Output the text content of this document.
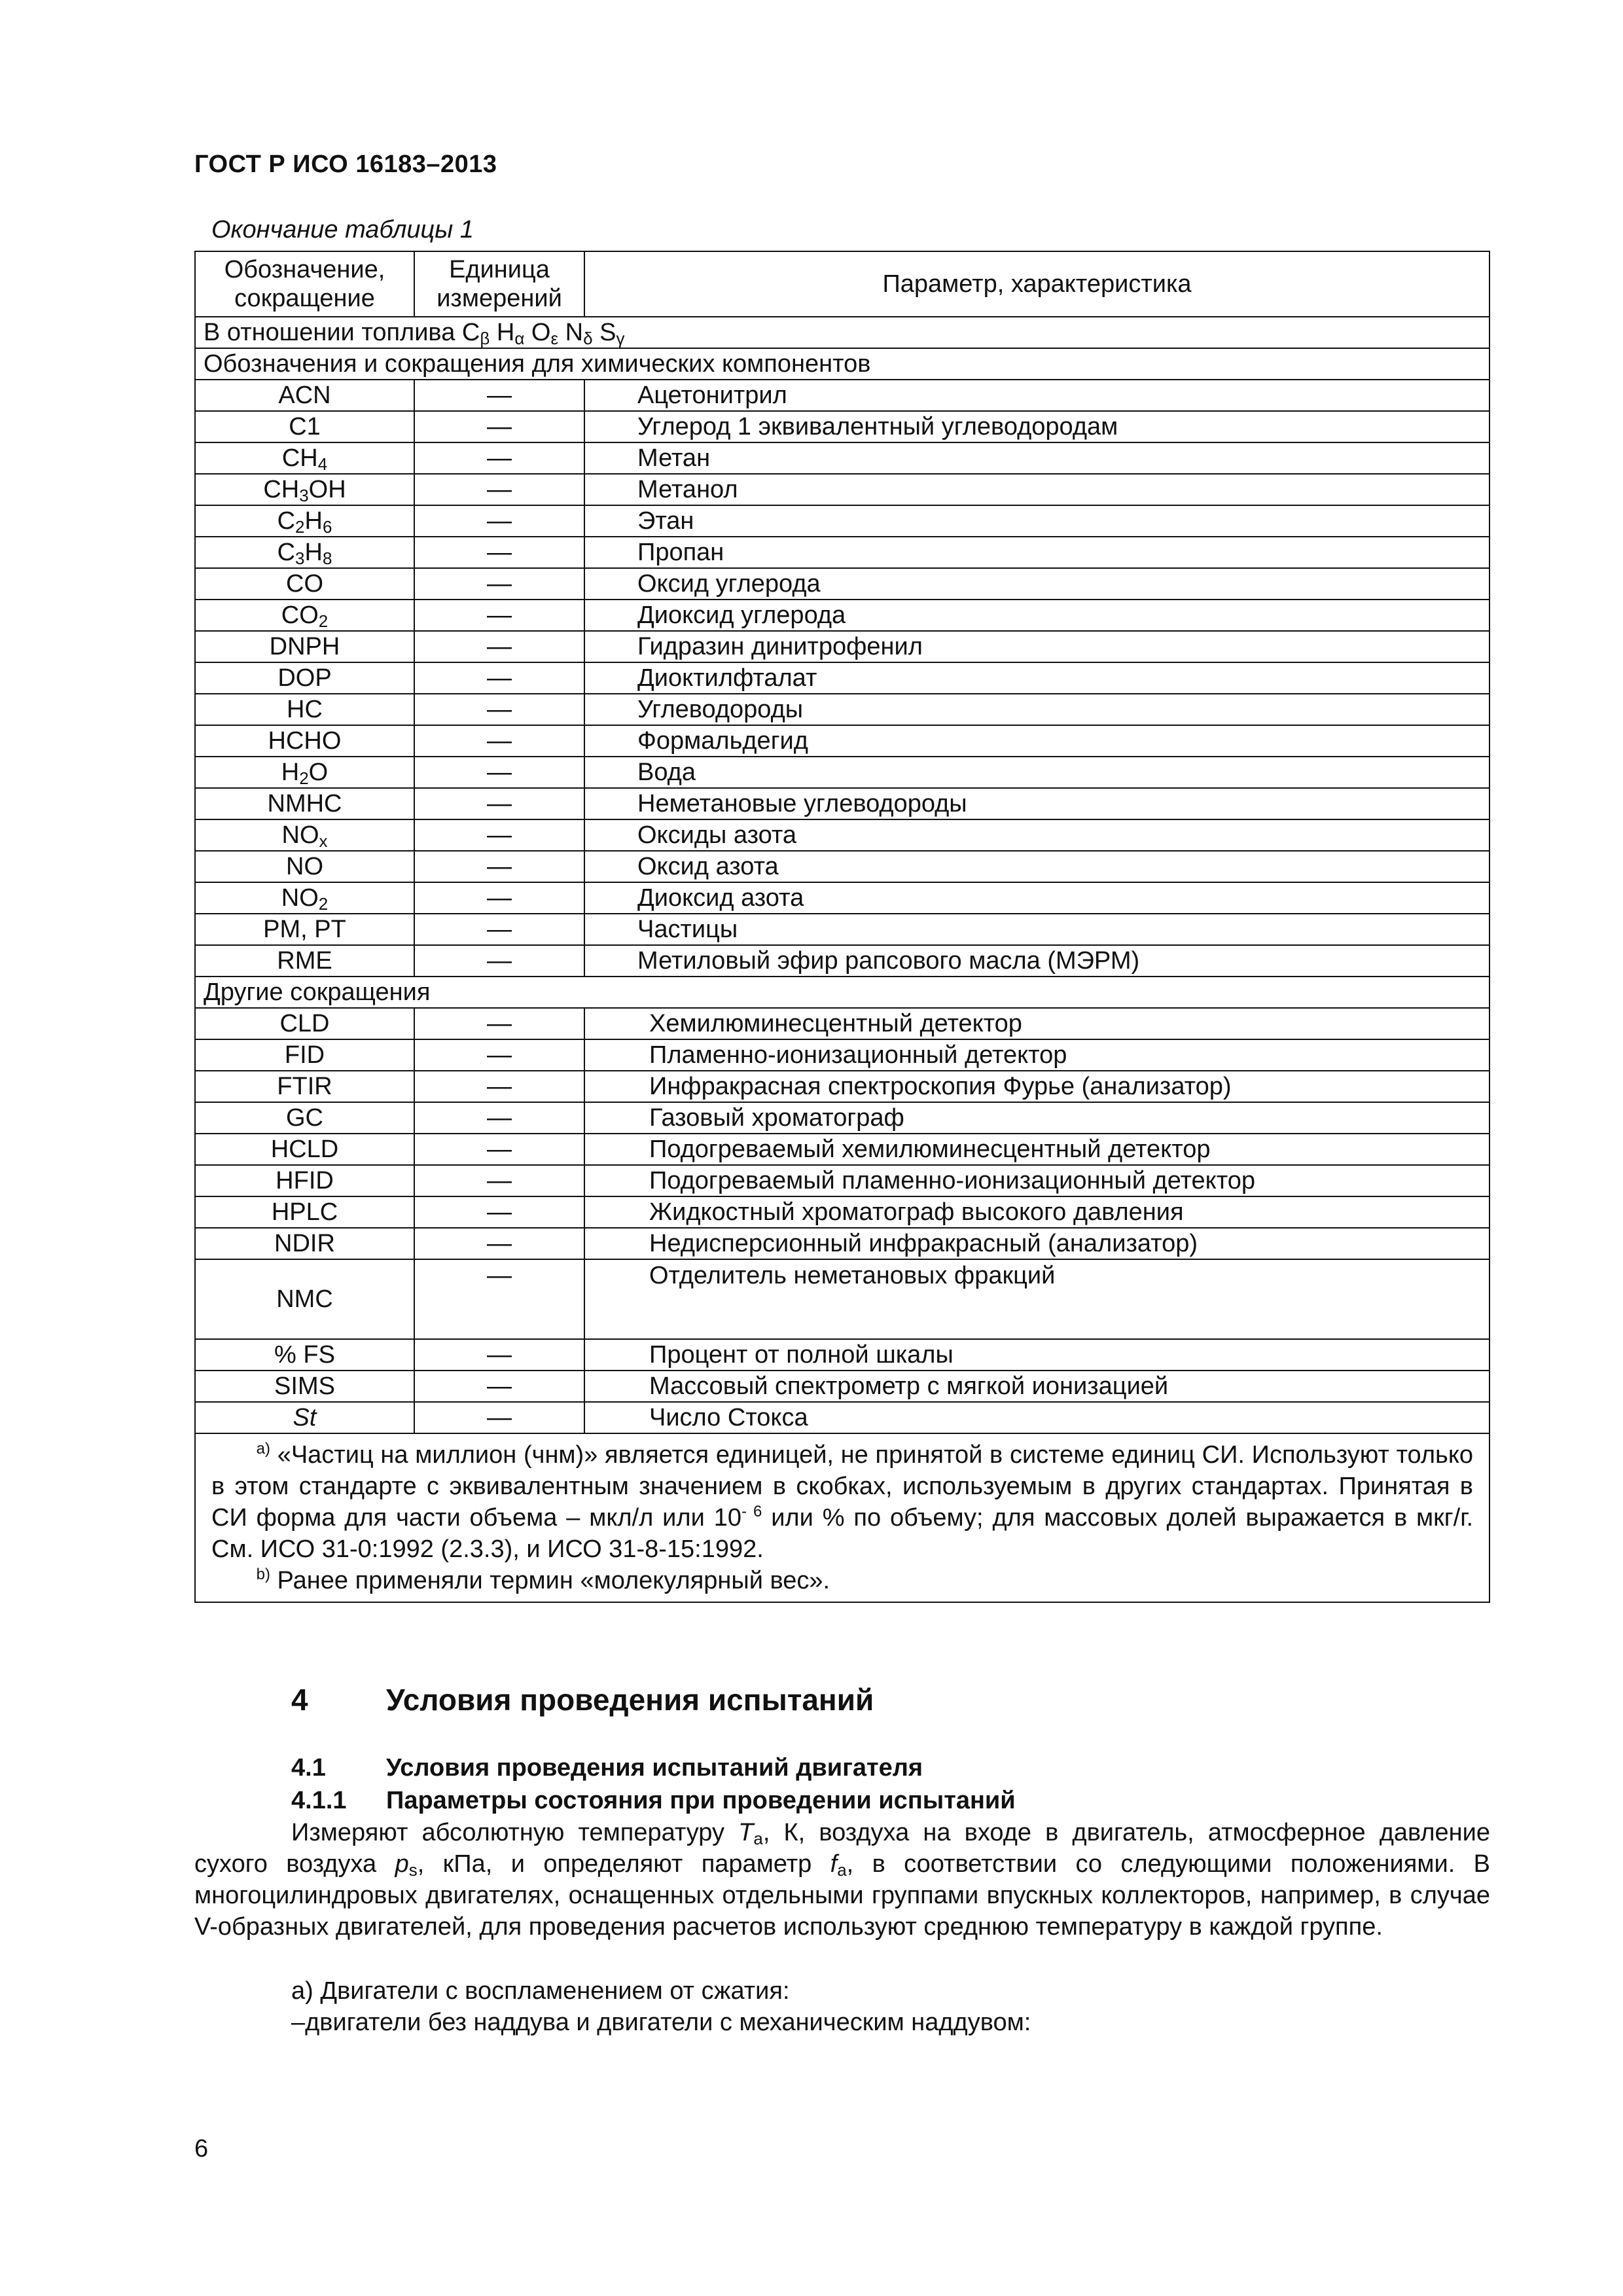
ГОСТ Р ИСО 16183–2013
Окончание таблицы 1
Обозначение, сокращение	Единица измерений	Параметр, характеристика
В отношении топлива $C_\beta$ $H_\alpha$ $O_\varepsilon$ $N_\delta$ $S_\gamma$
Обозначения и сокращения для химических компонентов		
ACN	—	Ацетонитрил
C1	—	Углерод 1 эквивалентный углеводородам
$CH_4$	—	Метан
$CH_3OH$	—	Метанол
$C_2H_6$	—	Этан
$C_3H_8$	—	Пропан
CO	—	Оксид углерода
$CO_2$	—	Диоксид углерода
DNPH	—	Гидразин динитрофенил
DOP	—	Диоктилфталат
HC	—	Углеводороды
HCHO	—	Формальдегид
$H_2O$	—	Вода
NMHC	—	Неметановые углеводороды
$NO_x$	—	Оксиды азота
NO	—	Оксид азота
$NO_2$	—	Диоксид азота
PM, PT	—	Частицы
RME	—	Метиловый эфир рапсового масла (МЭРМ)
Другие сокращения		
CLD	—	Хемилюминесцентный детектор
FID	—	Пламенно-ионизационный детектор
FTIR	—	Инфракрасная спектроскопия Фурье (анализатор)
GC	—	Газовый хроматограф
HCLD	—	Подогреваемый хемилюминесцентный детектор
HFID	—	Подогреваемый пламенно-ионизационный детектор
HPLC	—	Жидкостный хроматограф высокого давления
NDIR	—	Недисперсионный инфракрасный (анализатор)
NMC	—	Отделитель неметановых фракций
% FS	—	Процент от полной шкалы
SIMS	—	Массовый спектрометр с мягкой ионизацией
St	—	Число Стокса

$^{a)}$ «Частиц на миллион (чнм)» является единицей, не принятой в системе единиц СИ. Используют только в этом стандарте с эквивалентным значением в скобках, используемым в других стандартах. Принятая в СИ форма для части объема – мкл/л или $10^{- 6}$ или % по объему; для массовых долей выражается в мкг/г. См. ИСО 31-0:1992 (2.3.3), и ИСО 31-8-15:1992.
$^{b)}$ Ранее применяли термин «молекулярный вес».		
4	Условия проведения испытаний
4.1 Условия проведения испытаний двигателя
4.1.1 Параметры состояния при проведении испытаний
Измеряют абсолютную температуру $T_a$, К, воздуха на входе в двигатель, атмосферное давление сухого воздуха $p_s$, кПа, и определяют параметр $f_a$, в соответствии со следующими положениями. В многоцилиндровых двигателях, оснащенных отдельными группами впускных коллекторов, например, в случае V-образных двигателей, для проведения расчетов используют среднюю температуру в каждой группе.
а) Двигатели с воспламенением от сжатия:
–двигатели без наддува и двигатели с механическим наддувом:
6
